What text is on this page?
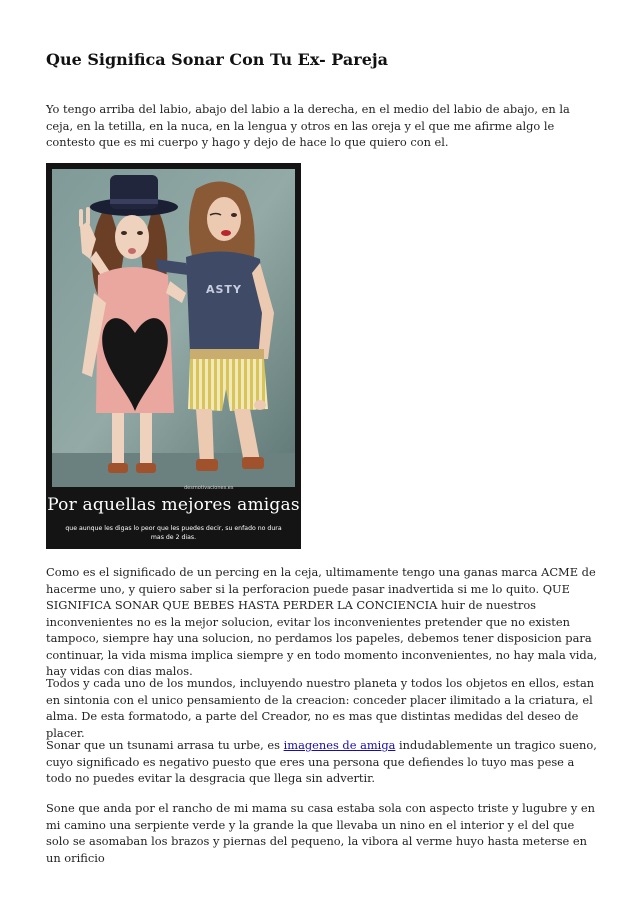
Que Significa Sonar Con Tu Ex- Pareja

Yo tengo arriba del labio, abajo del labio a la derecha, en el medio del labio de abajo, en la ceja, en la tetilla, en la nuca, en la lengua y otros en las oreja y el que me afirme algo le contesto que es mi cuerpo y hago y dejo de hace lo que quiero con el.

desmotivaciones.es
Por aquellas mejores amigas
que aunque les digas lo peor que les puedes decir, su enfado no dura mas de 2 dias.
ASTY

Como es el significado de un percing en la ceja, ultimamente tengo una ganas marca ACME de hacerme uno, y quiero saber si la perforacion puede pasar inadvertida si me lo quito. QUE SIGNIFICA SONAR QUE BEBES HASTA PERDER LA CONCIENCIA huir de nuestros inconvenientes no es la mejor solucion, evitar los inconvenientes pretender que no existen tampoco, siempre hay una solucion, no perdamos los papeles, debemos tener disposicion para continuar, la vida misma implica siempre y en todo momento inconvenientes, no hay mala vida, hay vidas con dias malos.

Todos y cada uno de los mundos, incluyendo nuestro planeta y todos los objetos en ellos, estan en sintonia con el unico pensamiento de la creacion: conceder placer ilimitado a la criatura, el alma. De esta formatodo, a parte del Creador, no es mas que distintas medidas del deseo de placer.

Sonar que un tsunami arrasa tu urbe, es imagenes de amiga indudablemente un tragico sueno, cuyo significado es negativo puesto que eres una persona que defiendes lo tuyo mas pese a todo no puedes evitar la desgracia que llega sin advertir.

Sone que anda por el rancho de mi mama su casa estaba sola con aspecto triste y lugubre y en mi camino una serpiente verde y la grande la que llevaba un nino en el interior y el del que solo se asomaban los brazos y piernas del pequeno, la vibora al verme huyo hasta meterse en un orificio
